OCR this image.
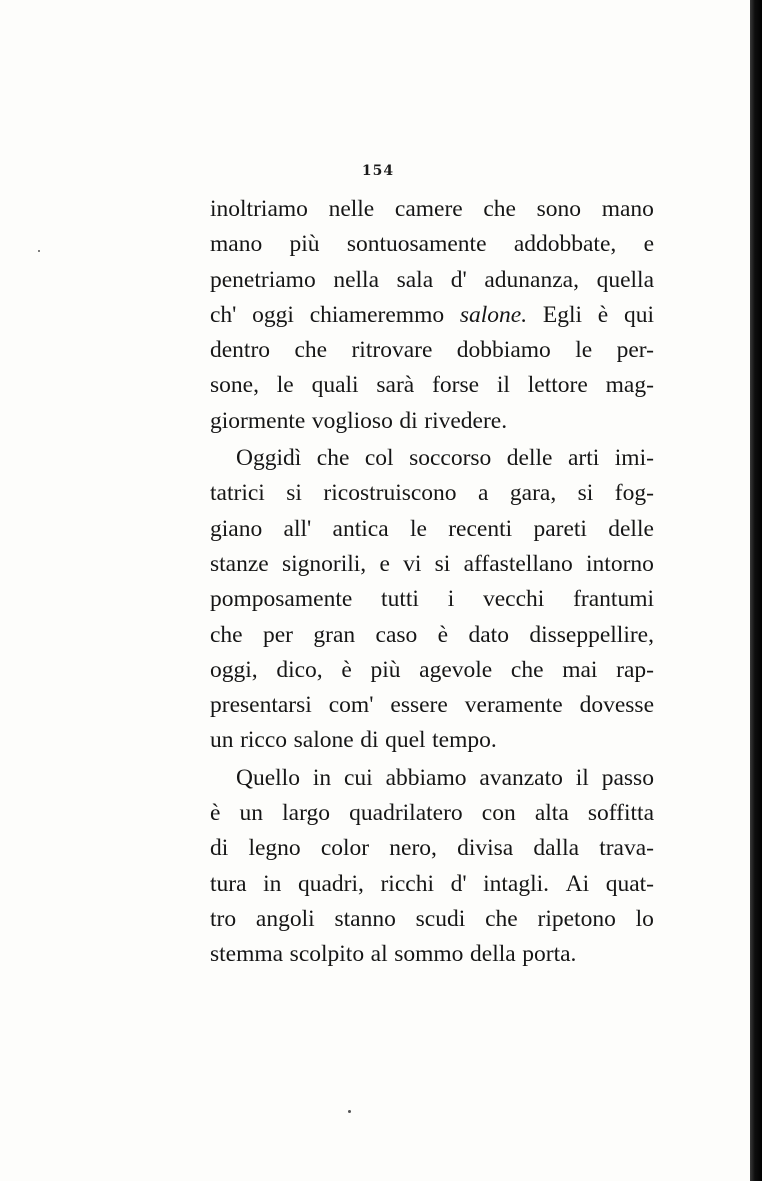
154
inoltriamo nelle camere che sono mano
mano più sontuosamente addobbate, e
penetriamo nella sala d' adunanza, quella
ch' oggi chiameremmo salone. Egli è qui
dentro che ritrovare dobbiamo le per-
sone, le quali sarà forse il lettore mag-
giormente voglioso di rivedere.
Oggidì che col soccorso delle arti imi-
tatrici si ricostruiscono a gara, si fog-
giano all' antica le recenti pareti delle
stanze signorili, e vi si affastellano intorno
pomposamente tutti i vecchi frantumi
che per gran caso è dato disseppellire,
oggi, dico, è più agevole che mai rap-
presentarsi com' essere veramente dovesse
un ricco salone di quel tempo.
Quello in cui abbiamo avanzato il passo
è un largo quadrilatero con alta soffitta
di legno color nero, divisa dalla trava-
tura in quadri, ricchi d' intagli. Ai quat-
tro angoli stanno scudi che ripetono lo
stemma scolpito al sommo della porta.
